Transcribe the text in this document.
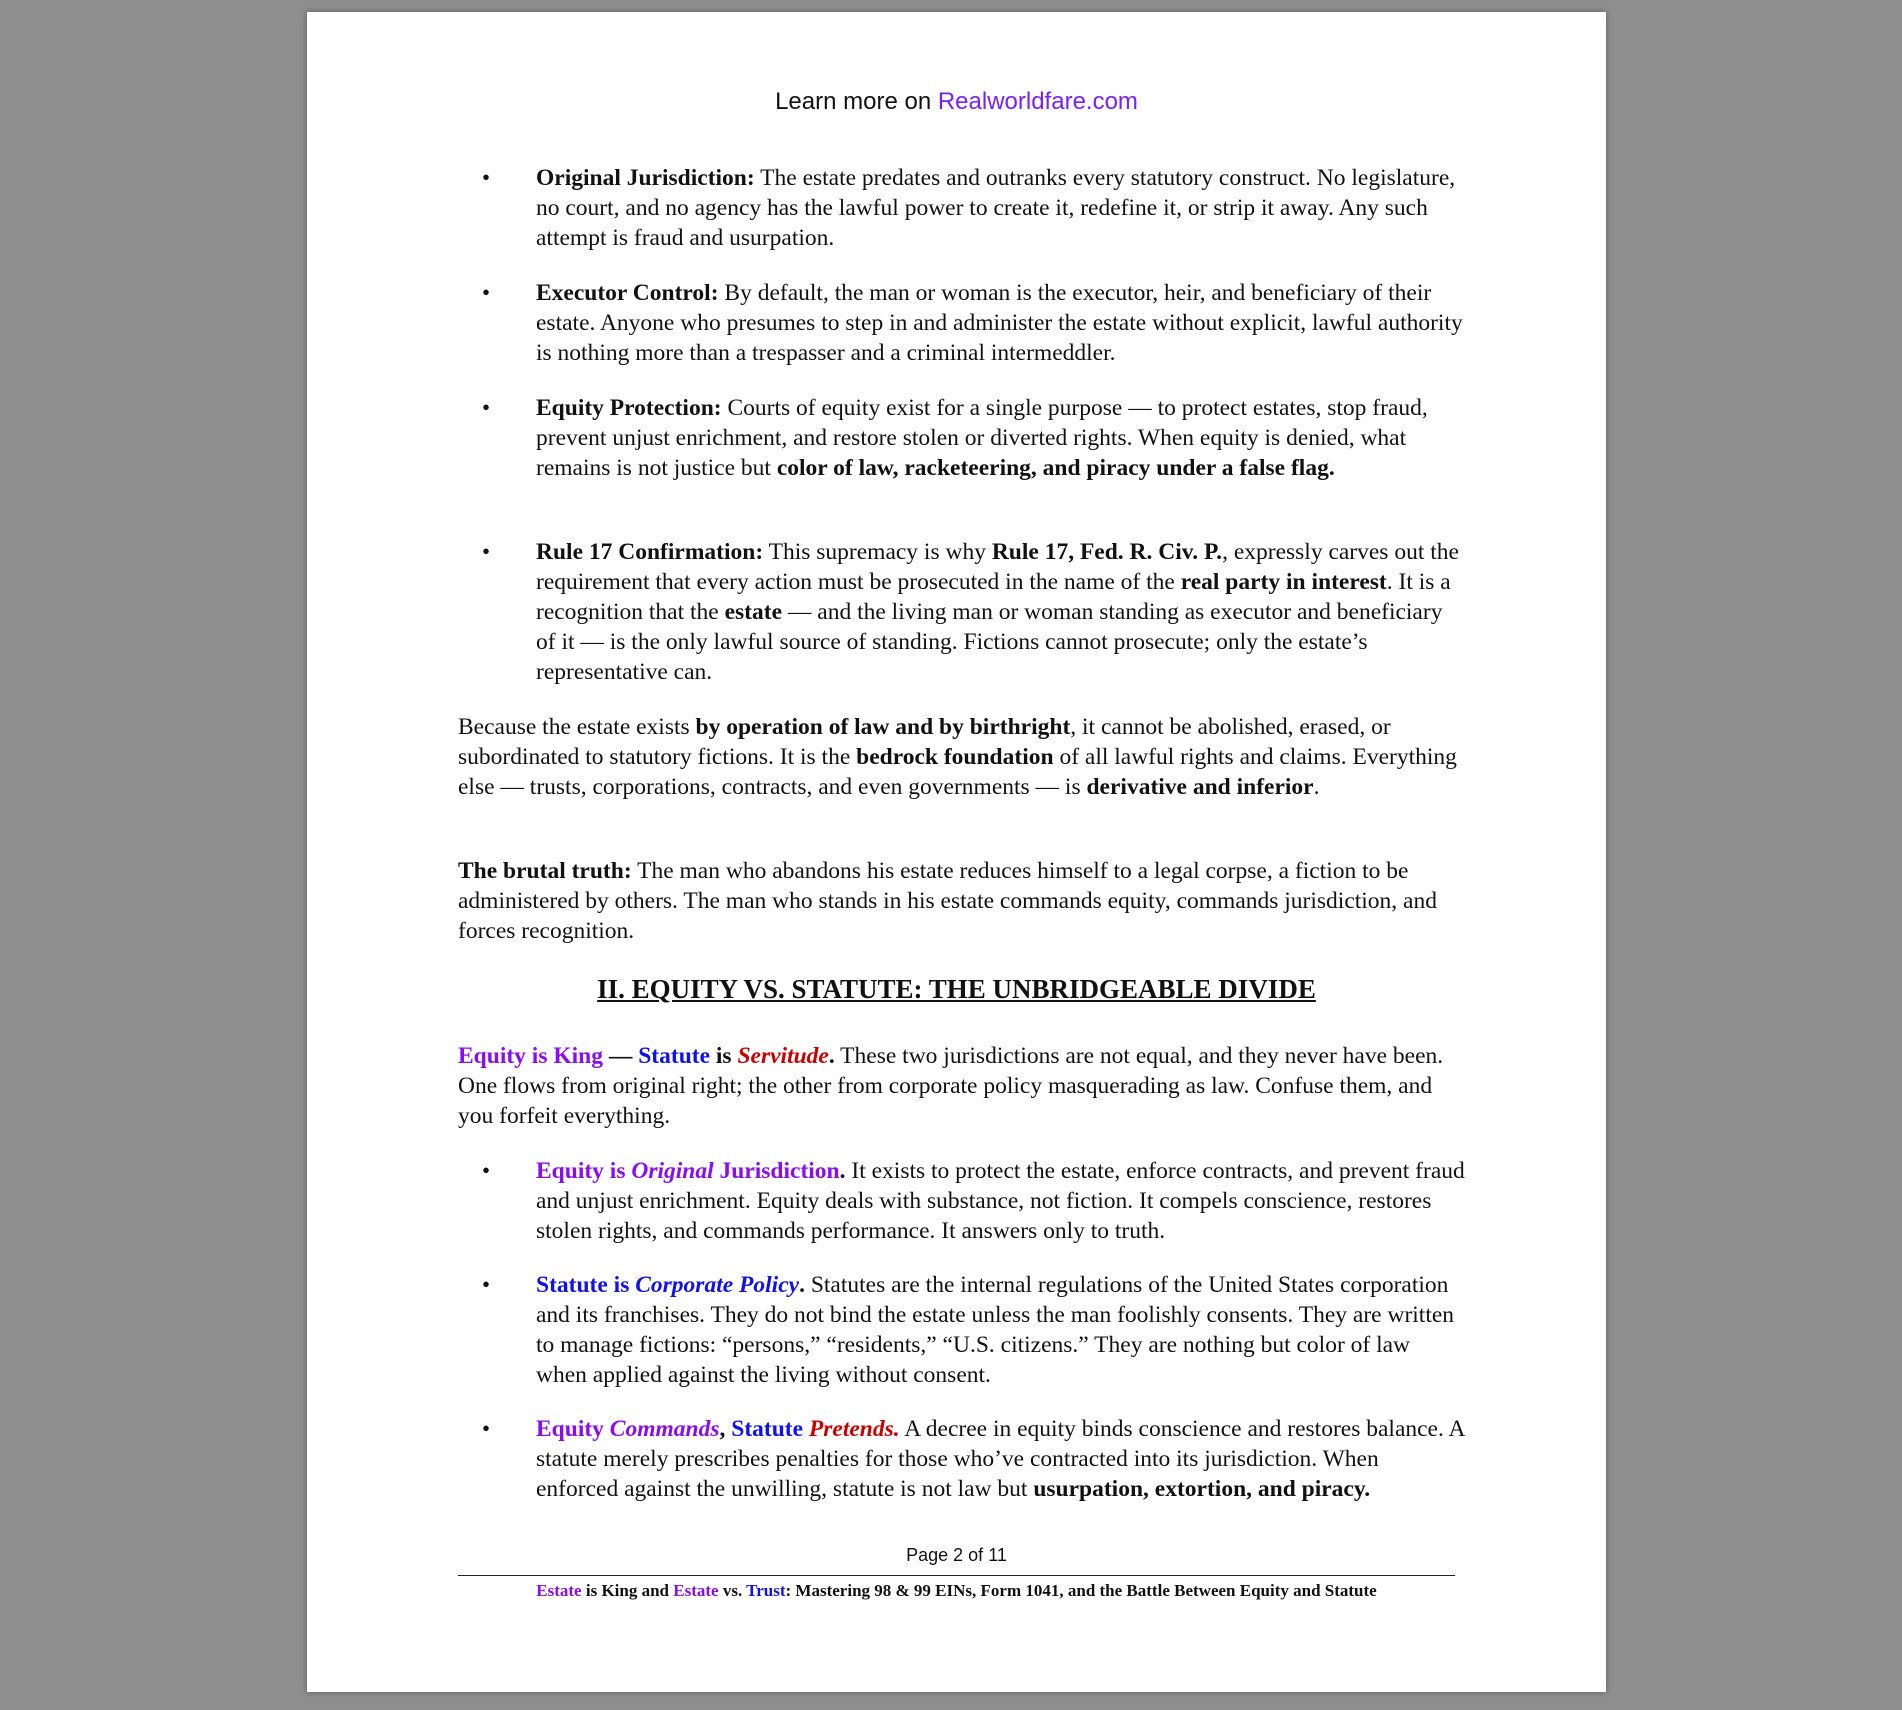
Learn more on Realworldfare.com
• Original Jurisdiction: The estate predates and outranks every statutory construct. No legislature, no court, and no agency has the lawful power to create it, redefine it, or strip it away. Any such attempt is fraud and usurpation.
• Executor Control: By default, the man or woman is the executor, heir, and beneficiary of their estate. Anyone who presumes to step in and administer the estate without explicit, lawful authority is nothing more than a trespasser and a criminal intermeddler.
• Equity Protection: Courts of equity exist for a single purpose — to protect estates, stop fraud, prevent unjust enrichment, and restore stolen or diverted rights. When equity is denied, what remains is not justice but color of law, racketeering, and piracy under a false flag.
• Rule 17 Confirmation: This supremacy is why Rule 17, Fed. R. Civ. P., expressly carves out the requirement that every action must be prosecuted in the name of the real party in interest. It is a recognition that the estate — and the living man or woman standing as executor and beneficiary of it — is the only lawful source of standing. Fictions cannot prosecute; only the estate’s representative can.
Because the estate exists by operation of law and by birthright, it cannot be abolished, erased, or subordinated to statutory fictions. It is the bedrock foundation of all lawful rights and claims. Everything else — trusts, corporations, contracts, and even governments — is derivative and inferior.
The brutal truth: The man who abandons his estate reduces himself to a legal corpse, a fiction to be administered by others. The man who stands in his estate commands equity, commands jurisdiction, and forces recognition.
II. EQUITY VS. STATUTE: THE UNBRIDGEABLE DIVIDE
Equity is King — Statute is Servitude. These two jurisdictions are not equal, and they never have been. One flows from original right; the other from corporate policy masquerading as law. Confuse them, and you forfeit everything.
• Equity is Original Jurisdiction. It exists to protect the estate, enforce contracts, and prevent fraud and unjust enrichment. Equity deals with substance, not fiction. It compels conscience, restores stolen rights, and commands performance. It answers only to truth.
• Statute is Corporate Policy. Statutes are the internal regulations of the United States corporation and its franchises. They do not bind the estate unless the man foolishly consents. They are written to manage fictions: “persons,” “residents,” “U.S. citizens.” They are nothing but color of law when applied against the living without consent.
• Equity Commands, Statute Pretends. A decree in equity binds conscience and restores balance. A statute merely prescribes penalties for those who’ve contracted into its jurisdiction. When enforced against the unwilling, statute is not law but usurpation, extortion, and piracy.
Page 2 of 11
Estate is King and Estate vs. Trust: Mastering 98 & 99 EINs, Form 1041, and the Battle Between Equity and Statute
